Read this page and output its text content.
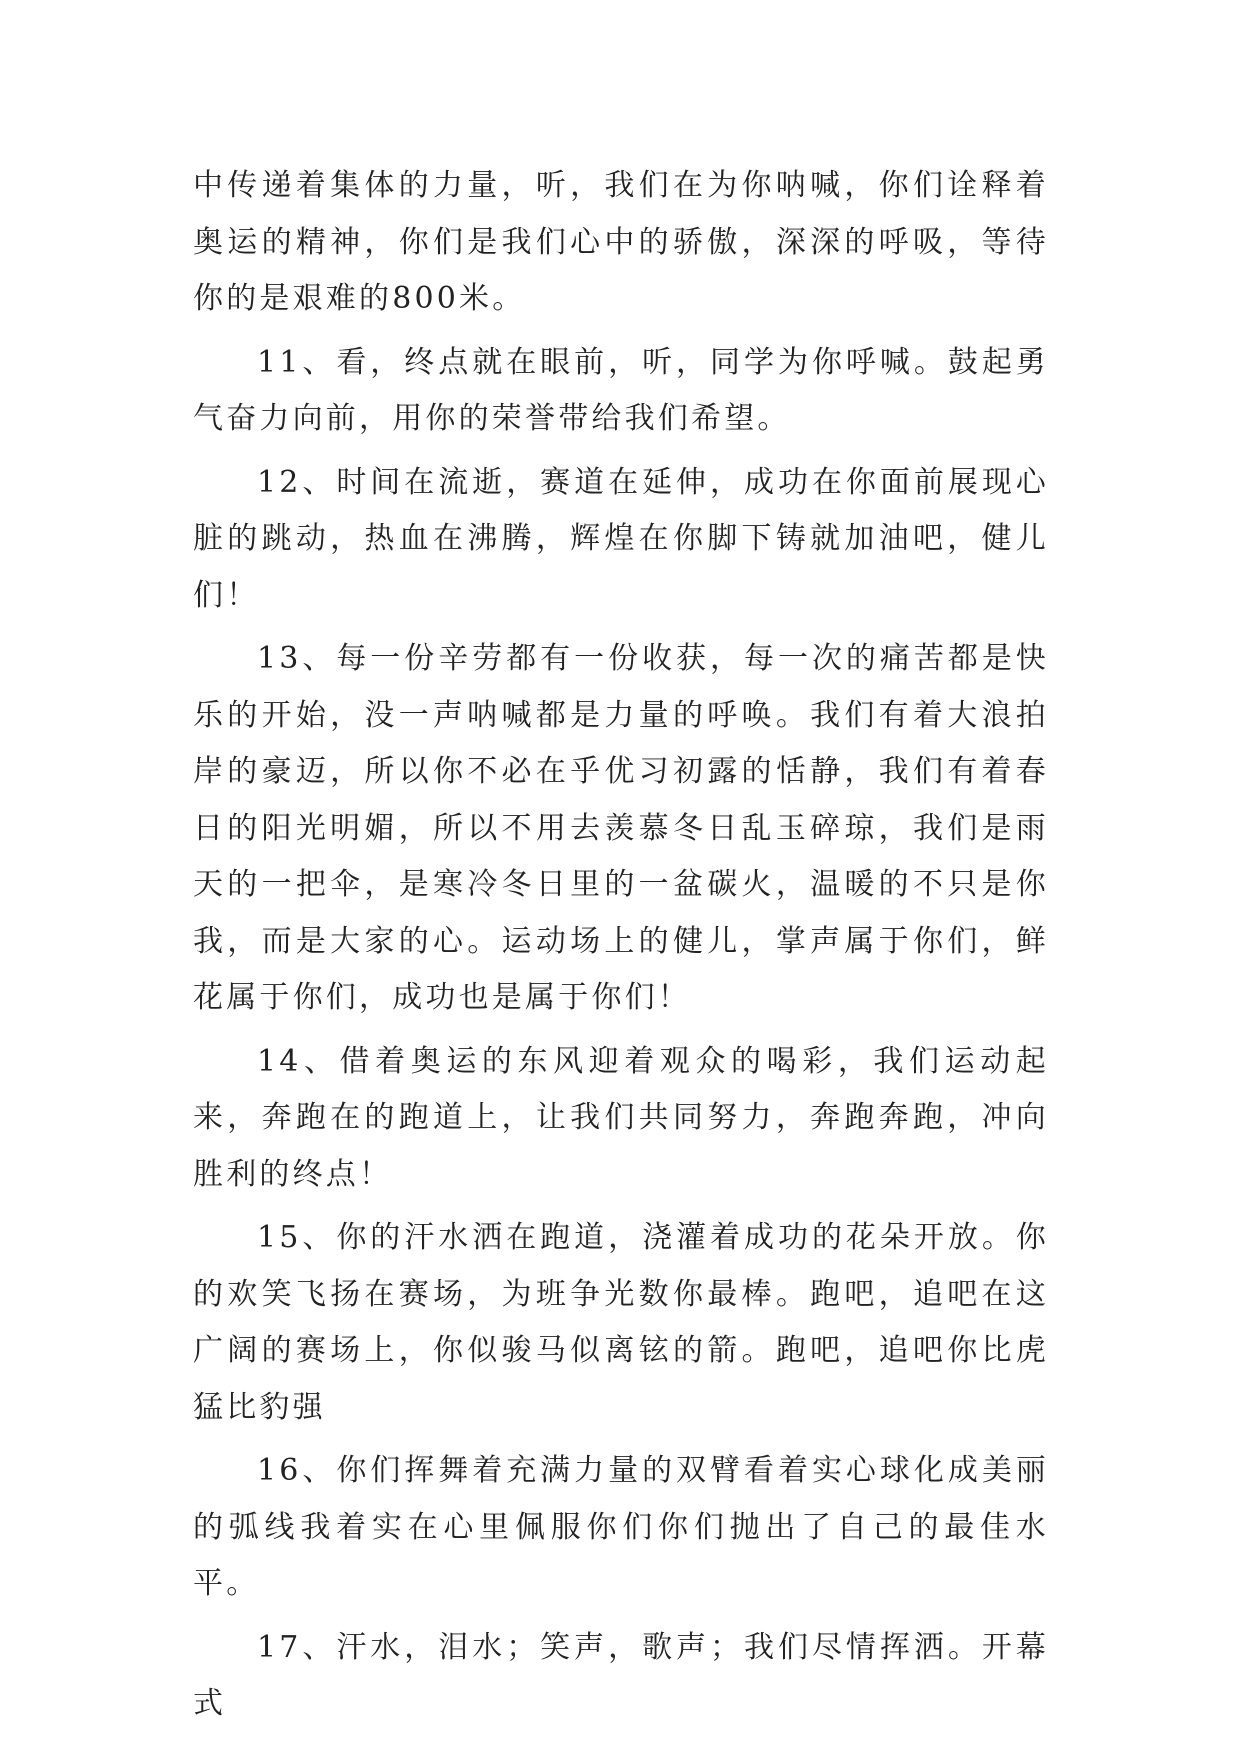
中传递着集体的力量，听，我们在为你呐喊，你们诠释着奥运的精神，你们是我们心中的骄傲，深深的呼吸，等待你的是艰难的800米。

11、看，终点就在眼前，听，同学为你呼喊。鼓起勇气奋力向前，用你的荣誉带给我们希望。

12、时间在流逝，赛道在延伸，成功在你面前展现心脏的跳动，热血在沸腾，辉煌在你脚下铸就加油吧，健儿们！

13、每一份辛劳都有一份收获，每一次的痛苦都是快乐的开始，没一声呐喊都是力量的呼唤。我们有着大浪拍岸的豪迈，所以你不必在乎优习初露的恬静，我们有着春日的阳光明媚，所以不用去羡慕冬日乱玉碎琼，我们是雨天的一把伞，是寒冷冬日里的一盆碳火，温暖的不只是你我，而是大家的心。运动场上的健儿，掌声属于你们，鲜花属于你们，成功也是属于你们！

14、借着奥运的东风迎着观众的喝彩，我们运动起来，奔跑在的跑道上，让我们共同努力，奔跑奔跑，冲向胜利的终点！

15、你的汗水洒在跑道，浇灌着成功的花朵开放。你的欢笑飞扬在赛场，为班争光数你最棒。跑吧，追吧在这广阔的赛场上，你似骏马似离铉的箭。跑吧，追吧你比虎猛比豹强

16、你们挥舞着充满力量的双臂看着实心球化成美丽的弧线我着实在心里佩服你们你们抛出了自己的最佳水平。

17、汗水，泪水；笑声，歌声；我们尽情挥洒。开幕式
